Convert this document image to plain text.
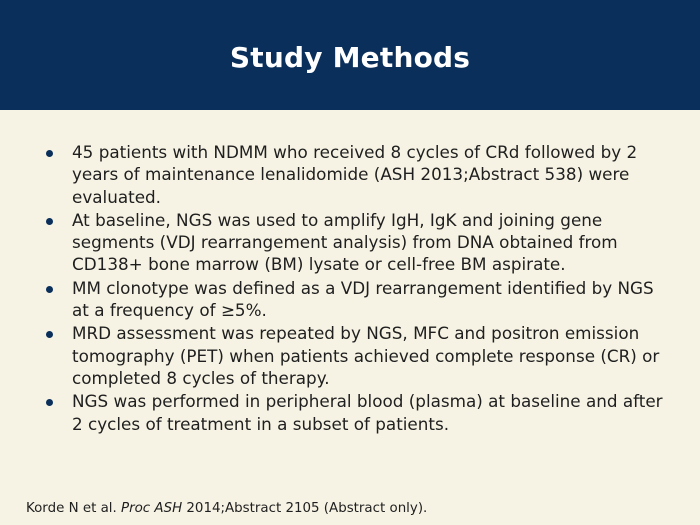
Study Methods
45 patients with NDMM who received 8 cycles of CRd followed by 2 years of maintenance lenalidomide (ASH 2013;Abstract 538) were evaluated.
At baseline, NGS was used to amplify IgH, IgK and joining gene segments (VDJ rearrangement analysis) from DNA obtained from CD138+ bone marrow (BM) lysate or cell-free BM aspirate.
MM clonotype was defined as a VDJ rearrangement identified by NGS at a frequency of ≥5%.
MRD assessment was repeated by NGS, MFC and positron emission tomography (PET) when patients achieved complete response (CR) or completed 8 cycles of therapy.
NGS was performed in peripheral blood (plasma) at baseline and after 2 cycles of treatment in a subset of patients.
Korde N et al. Proc ASH 2014;Abstract 2105 (Abstract only).
